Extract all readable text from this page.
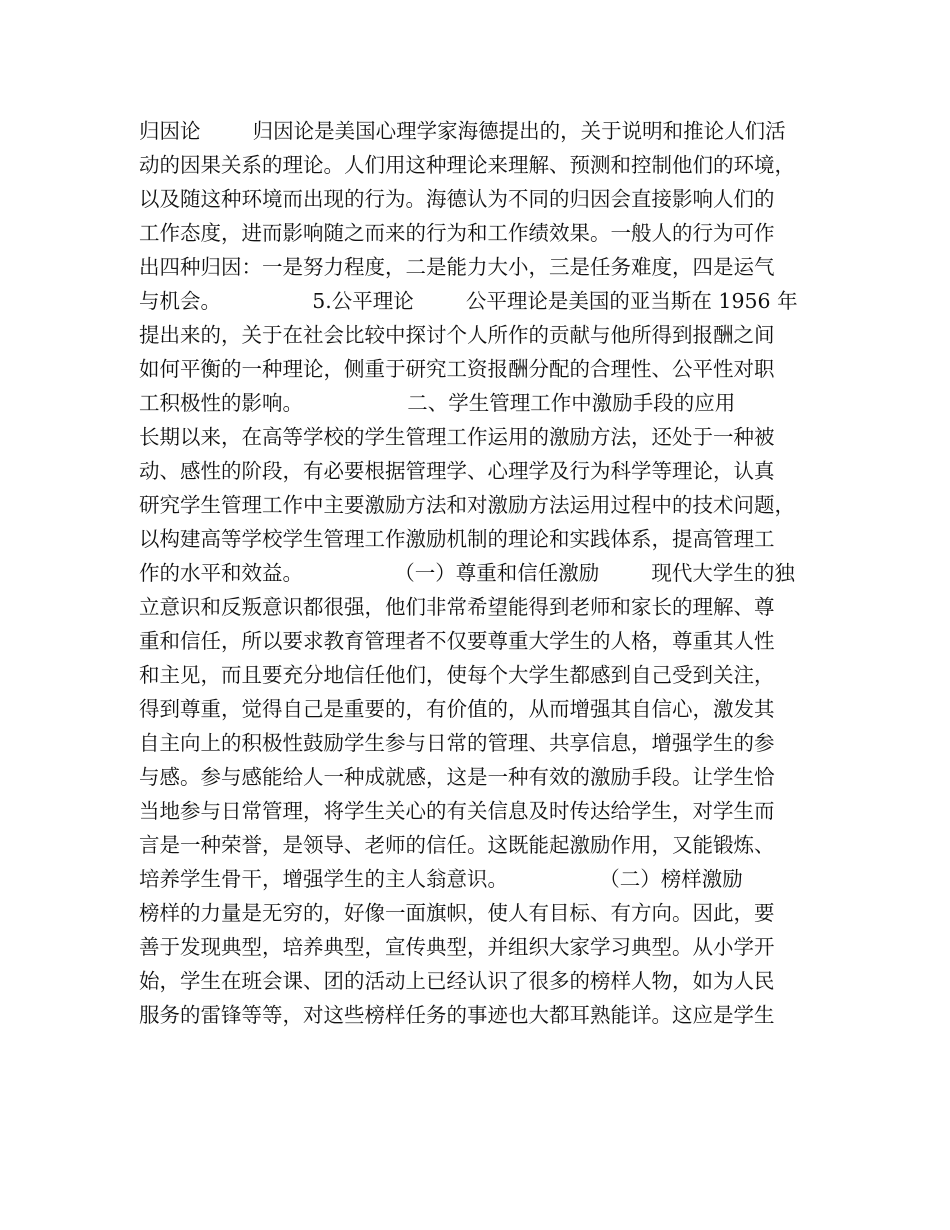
归因论        归因论是美国心理学家海德提出的，关于说明和推论人们活
动的因果关系的理论。人们用这种理论来理解、预测和控制他们的环境，
以及随这种环境而出现的行为。海德认为不同的归因会直接影响人们的
工作态度，进而影响随之而来的行为和工作绩效果。一般人的行为可作
出四种归因：一是努力程度，二是能力大小，三是任务难度，四是运气
与机会。              5.公平理论        公平理论是美国的亚当斯在 1956 年
提出来的，关于在社会比较中探讨个人所作的贡献与他所得到报酬之间
如何平衡的一种理论，侧重于研究工资报酬分配的合理性、公平性对职
工积极性的影响。                二、学生管理工作中激励手段的应用
长期以来，在高等学校的学生管理工作运用的激励方法，还处于一种被
动、感性的阶段，有必要根据管理学、心理学及行为科学等理论，认真
研究学生管理工作中主要激励方法和对激励方法运用过程中的技术问题，
以构建高等学校学生管理工作激励机制的理论和实践体系，提高管理工
作的水平和效益。              （一）尊重和信任激励        现代大学生的独
立意识和反叛意识都很强，他们非常希望能得到老师和家长的理解、尊
重和信任，所以要求教育管理者不仅要尊重大学生的人格，尊重其人性
和主见，而且要充分地信任他们，使每个大学生都感到自己受到关注，
得到尊重，觉得自己是重要的，有价值的，从而增强其自信心，激发其
自主向上的积极性鼓励学生参与日常的管理、共享信息，增强学生的参
与感。参与感能给人一种成就感，这是一种有效的激励手段。让学生恰
当地参与日常管理，将学生关心的有关信息及时传达给学生，对学生而
言是一种荣誉，是领导、老师的信任。这既能起激励作用，又能锻炼、
培养学生骨干，增强学生的主人翁意识。              （二）榜样激励
榜样的力量是无穷的，好像一面旗帜，使人有目标、有方向。因此，要
善于发现典型，培养典型，宣传典型，并组织大家学习典型。从小学开
始，学生在班会课、团的活动上已经认识了很多的榜样人物，如为人民
服务的雷锋等等，对这些榜样任务的事迹也大都耳熟能详。这应是学生
